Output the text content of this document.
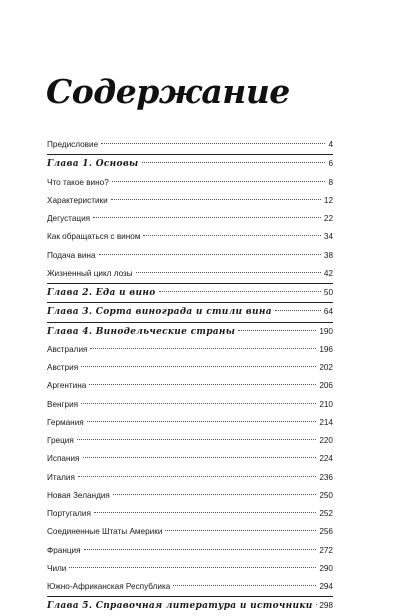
Содержание
Предисловие	4
Глава 1. Основы	6
Что такое вино?	8
Характеристики	12
Дегустация	22
Как обращаться с вином	34
Подача вина	38
Жизненный цикл лозы	42
Глава 2. Еда и вино	50
Глава 3. Сорта винограда и стили вина	64
Глава 4. Винодельческие страны	190
Австралия	196
Австрия	202
Аргентина	206
Венгрия	210
Германия	214
Греция	220
Испания	224
Италия	236
Новая Зеландия	250
Португалия	252
Соединенные Штаты Америки	256
Франция	272
Чили	290
Южно-Африканская Республика	294
Глава 5. Справочная литература и источники 298
